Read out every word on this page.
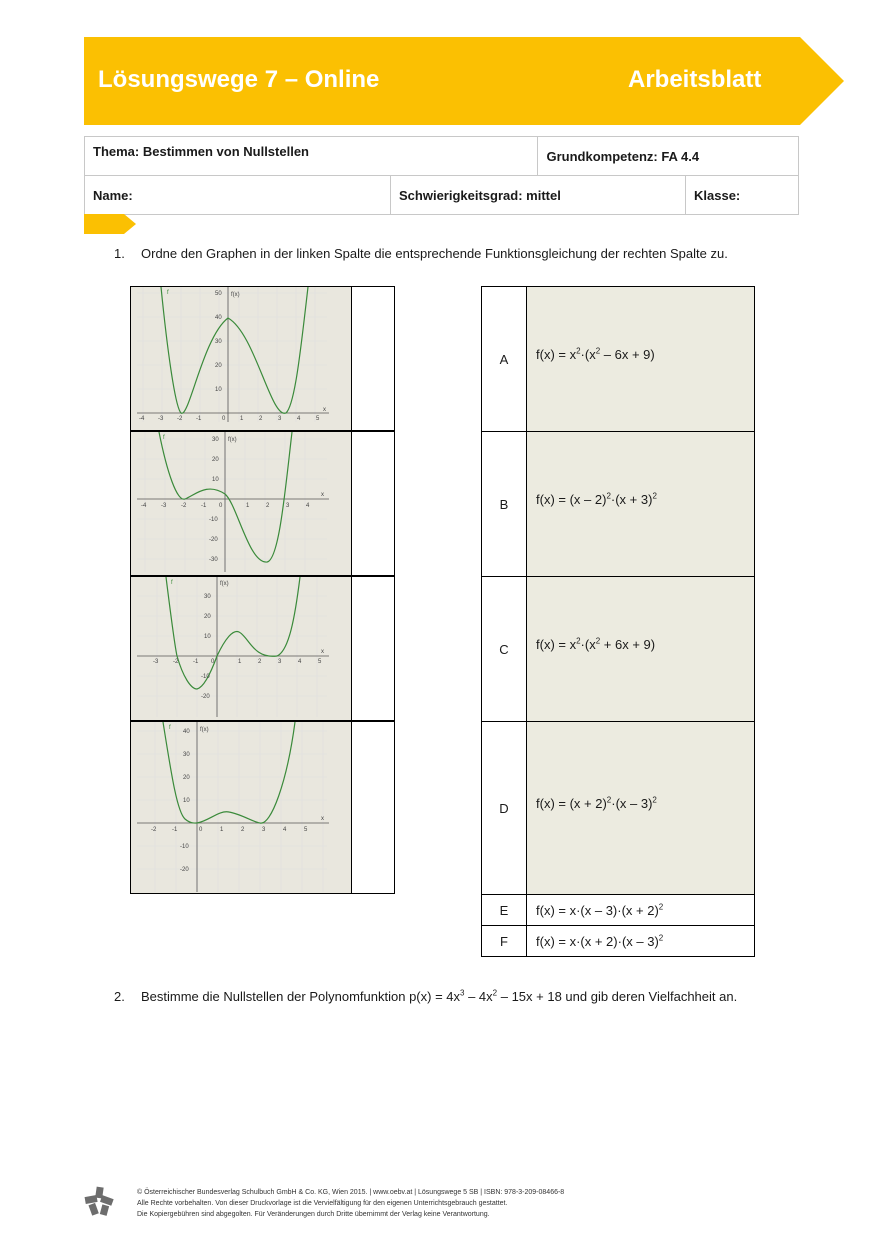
Lösungswege 7 – Online	Arbeitsblatt
Thema: Bestimmen von Nullstellen		Grundkompetenz: FA 4.4	
Name:	Schwierigkeitsgrad: mittel		Klasse:
1. Ordne den Graphen in der linken Spalte die entsprechende Funktionsgleichung der rechten Spalte zu.
-4 -3 -2 -1	0 1	2	3	4	5
50
40
30
20
10
f(x)
x
f
-4 -3 -2 -1 0	1	2	3	4
30
20
10
-10
-20
-30
f(x)
x
f
-3 -2 -1 0	1	2	3	4	5
30
20
10
-10
-20
f(x)
x
f
-2	-1	0	1	2	3	4	5
40
30
20
10
-10
-20
f(x)
x
f
A	$f(x) = x^2\cdot(x^2 - 6x + 9)$
B	$f(x) = (x - 2)^2\cdot(x + 3)^2$
C	$f(x) = x^2\cdot(x^2 + 6x + 9)$
D	$f(x) = (x + 2)^2\cdot(x - 3)^2$
E	$f(x) = x\cdot(x - 3)\cdot(x + 2)^2$
F	f(x) = x·(x + 2)·(x – 3)$^2$
2. Bestimme die Nullstellen der Polynomfunktion $p(x) = 4x^3 - 4x^2 - 15x + 18$ und gib deren Vielfachheit an.
© Österreichischer Bundesverlag Schulbuch GmbH & Co. KG, Wien 2015. | www.oebv.at | Lösungswege 5 SB | ISBN: 978-3-209-08466-8
Alle Rechte vorbehalten. Von dieser Druckvorlage ist die Vervielfältigung für den eigenen Unterrichtsgebrauch gestattet.
Die Kopiergebühren sind abgegolten. Für Veränderungen durch Dritte übernimmt der Verlag keine Verantwortung.
